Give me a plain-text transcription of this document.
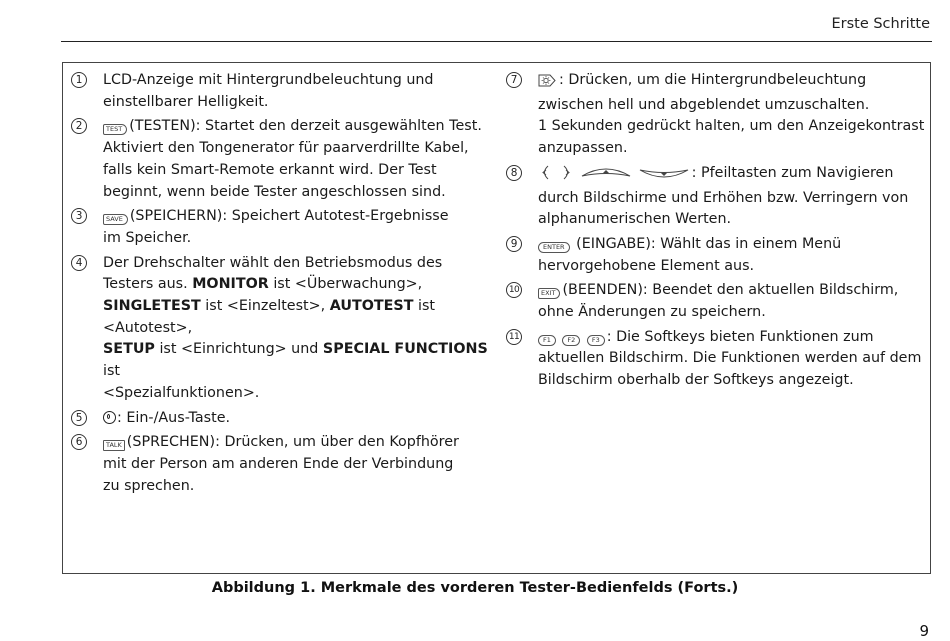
Erste Schritte
1	LCD-Anzeige mit Hintergrundbeleuchtung und
einstellbarer Helligkeit.
2	TEST (TESTEN): Startet den derzeit ausgewählten Test.
Aktiviert den Tongenerator für paarverdrillte Kabel,
falls kein Smart-Remote erkannt wird. Der Test
beginnt, wenn beide Tester angeschlossen sind.
3	SAVE (SPEICHERN): Speichert Autotest-Ergebnisse
im Speicher.
4	Der Drehschalter wählt den Betriebsmodus des
Testers aus. MONITOR ist <Überwachung>,
SINGLETEST ist <Einzeltest>, AUTOTEST ist <Autotest>,
SETUP ist <Einrichtung> und SPECIAL FUNCTIONS ist
<Spezialfunktionen>.
5	: Ein-/Aus-Taste.
6	TALK (SPRECHEN): Drücken, um über den Kopfhörer
mit der Person am anderen Ende der Verbindung
zu sprechen.
7	: Drücken, um die Hintergrundbeleuchtung
zwischen hell und abgeblendet umzuschalten.
1 Sekunden gedrückt halten, um den Anzeigekontrast
anzupassen.
8	: Pfeiltasten zum Navigieren
durch Bildschirme und Erhöhen bzw. Verringern von
alphanumerischen Werten.
9	ENTER (EINGABE): Wählt das in einem Menü
hervorgehobene Element aus.
10	EXIT (BEENDEN): Beendet den aktuellen Bildschirm,
ohne Änderungen zu speichern.
11	F1	F2	F3 : Die Softkeys bieten Funktionen zum
aktuellen Bildschirm. Die Funktionen werden auf dem
Bildschirm oberhalb der Softkeys angezeigt.
Abbildung 1. Merkmale des vorderen Tester-Bedienfelds (Forts.)
9
